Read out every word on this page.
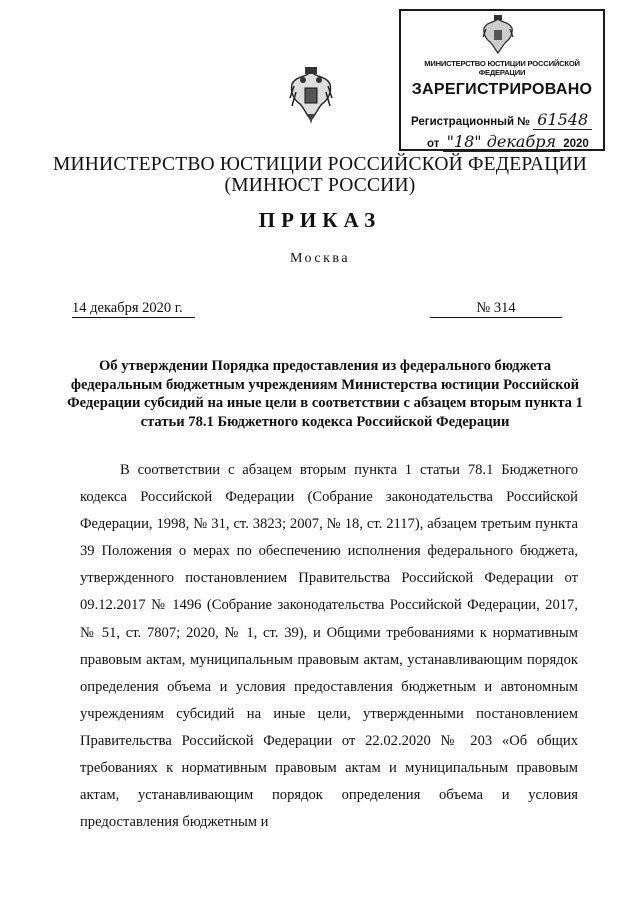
МИНИСТЕРСТВО ЮСТИЦИИ РОССИЙСКОЙ ФЕДЕРАЦИИ
ЗАРЕГИСТРИРОВАНО
Регистрационный № 61548
от "18" декабря 2020
МИНИСТЕРСТВО ЮСТИЦИИ РОССИЙСКОЙ ФЕДЕРАЦИИ
(МИНЮСТ РОССИИ)
ПРИКАЗ
Москва
14 декабря 2020 г.	№ 314
Об утверждении Порядка предоставления из федерального бюджета федеральным бюджетным учреждениям Министерства юстиции Российской Федерации субсидий на иные цели в соответствии с абзацем вторым пункта 1 статьи 78.1 Бюджетного кодекса Российской Федерации
В соответствии с абзацем вторым пункта 1 статьи 78.1 Бюджетного кодекса Российской Федерации (Собрание законодательства Российской Федерации, 1998, № 31, ст. 3823; 2007, № 18, ст. 2117), абзацем третьим пункта 39 Положения о мерах по обеспечению исполнения федерального бюджета, утвержденного постановлением Правительства Российской Федерации от 09.12.2017 № 1496 (Собрание законодательства Российской Федерации, 2017, № 51, ст. 7807; 2020, № 1, ст. 39), и Общими требованиями к нормативным правовым актам, муниципальным правовым актам, устанавливающим порядок определения объема и условия предоставления бюджетным и автономным учреждениям субсидий на иные цели, утвержденными постановлением Правительства Российской Федерации от 22.02.2020 № 203 «Об общих требованиях к нормативным правовым актам и муниципальным правовым актам, устанавливающим порядок определения объема и условия предоставления бюджетным и
